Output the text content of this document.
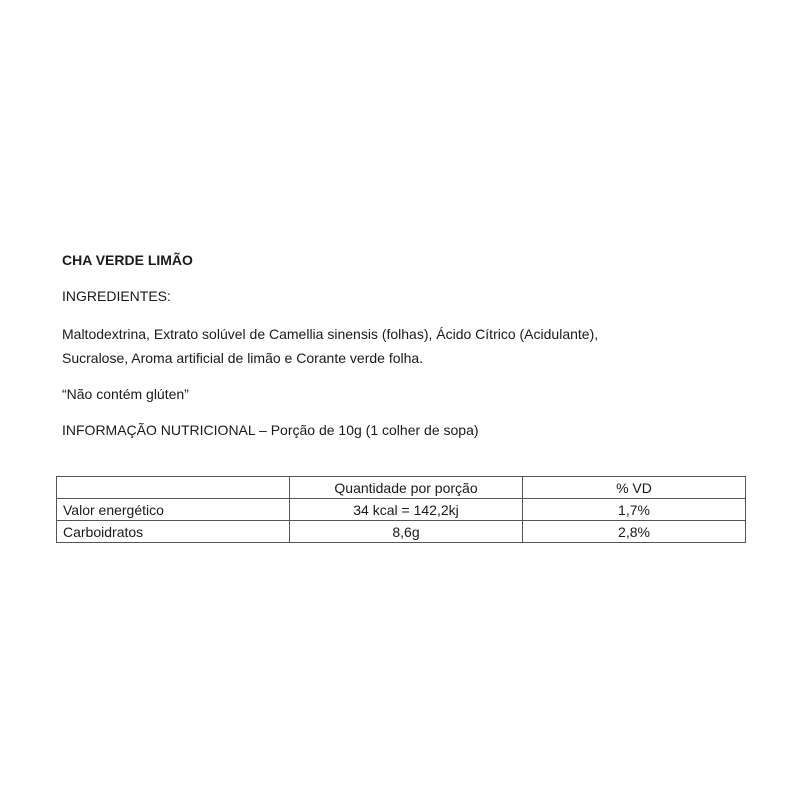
CHA VERDE LIMÃO
INGREDIENTES:
Maltodextrina, Extrato solúvel de Camellia sinensis (folhas), Ácido Cítrico (Acidulante),
Sucralose, Aroma artificial de limão e Corante verde folha.
“Não contém glúten”
INFORMAÇÃO NUTRICIONAL – Porção de 10g (1 colher de sopa)
	Quantidade por porção	% VD
Valor energético	34 kcal = 142,2kj	1,7%
Carboidratos	8,6g	2,8%
